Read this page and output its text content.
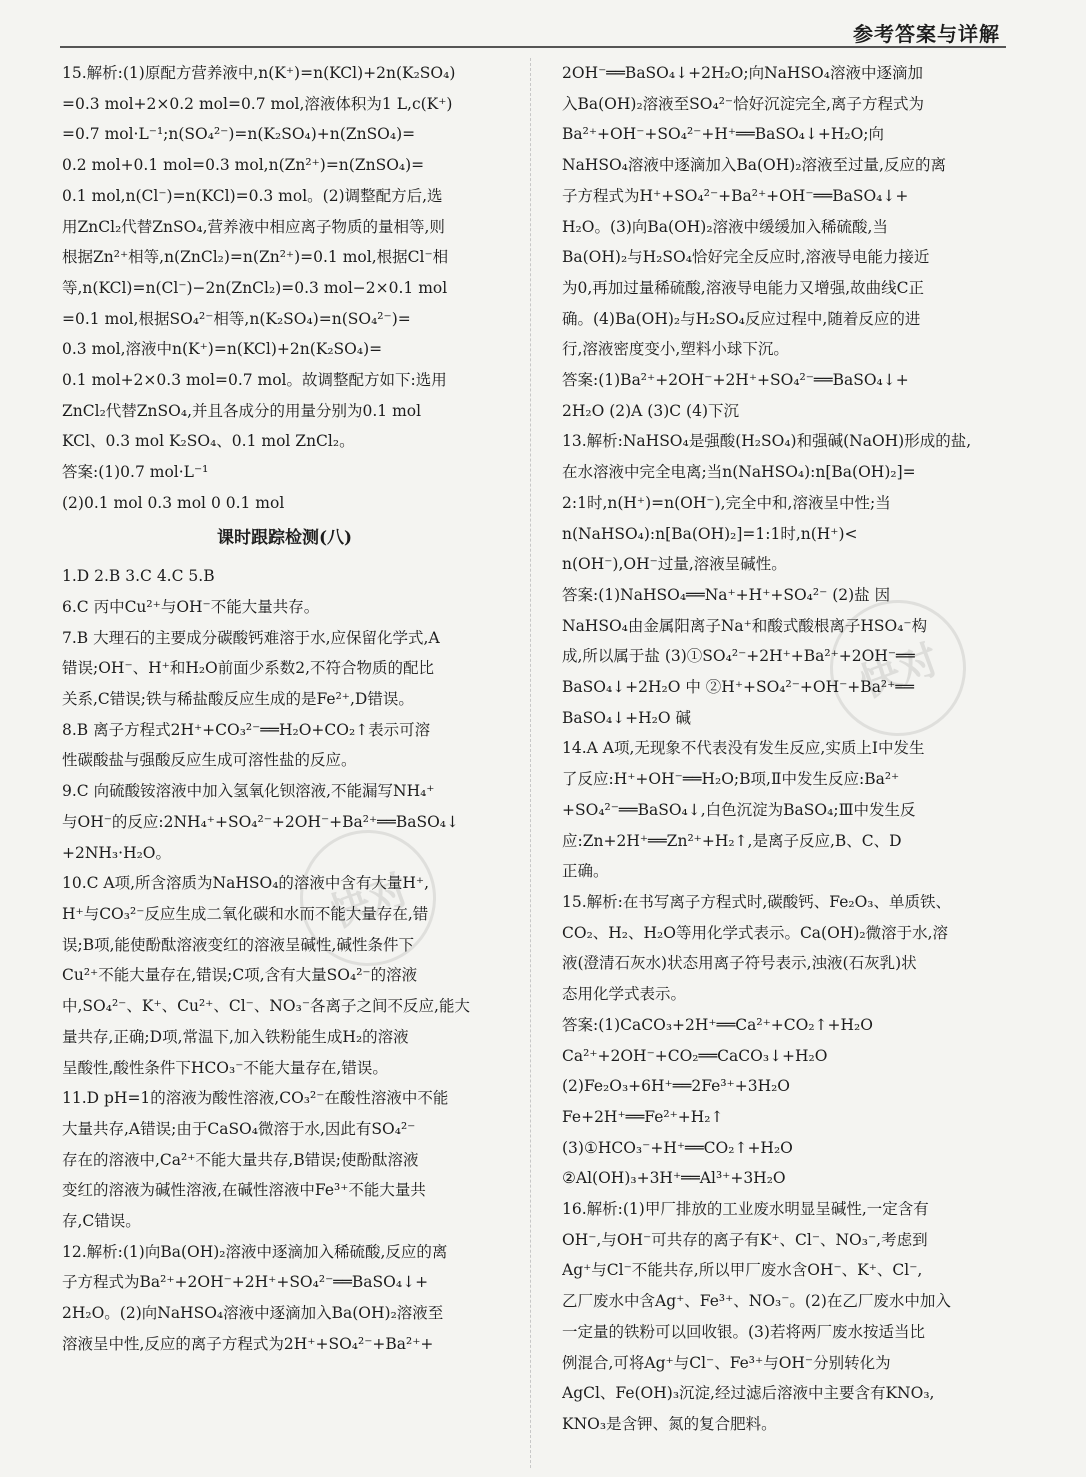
参考答案与详解
快对
快对

15.解析:(1)原配方营养液中,n(K⁺)=n(KCl)+2n(K₂SO₄)

=0.3 mol+2×0.2 mol=0.7 mol,溶液体积为1 L,c(K⁺)

=0.7 mol·L⁻¹;n(SO₄²⁻)=n(K₂SO₄)+n(ZnSO₄)=

0.2 mol+0.1 mol=0.3 mol,n(Zn²⁺)=n(ZnSO₄)=

0.1 mol,n(Cl⁻)=n(KCl)=0.3 mol。(2)调整配方后,选

用ZnCl₂代替ZnSO₄,营养液中相应离子物质的量相等,则

根据Zn²⁺相等,n(ZnCl₂)=n(Zn²⁺)=0.1 mol,根据Cl⁻相

等,n(KCl)=n(Cl⁻)−2n(ZnCl₂)=0.3 mol−2×0.1 mol

=0.1 mol,根据SO₄²⁻相等,n(K₂SO₄)=n(SO₄²⁻)=

0.3 mol,溶液中n(K⁺)=n(KCl)+2n(K₂SO₄)=

0.1 mol+2×0.3 mol=0.7 mol。故调整配方如下:选用

ZnCl₂代替ZnSO₄,并且各成分的用量分别为0.1 mol

KCl、0.3 mol K₂SO₄、0.1 mol ZnCl₂。

答案:(1)0.7 mol·L⁻¹

(2)0.1 mol 0.3 mol 0 0.1 mol

课时跟踪检测(八)

1.D 2.B 3.C 4.C 5.B

6.C 丙中Cu²⁺与OH⁻不能大量共存。

7.B 大理石的主要成分碳酸钙难溶于水,应保留化学式,A

错误;OH⁻、H⁺和H₂O前面少系数2,不符合物质的配比

关系,C错误;铁与稀盐酸反应生成的是Fe²⁺,D错误。

8.B 离子方程式2H⁺+CO₃²⁻══H₂O+CO₂↑表示可溶

性碳酸盐与强酸反应生成可溶性盐的反应。

9.C 向硫酸铵溶液中加入氢氧化钡溶液,不能漏写NH₄⁺

与OH⁻的反应:2NH₄⁺+SO₄²⁻+2OH⁻+Ba²⁺══BaSO₄↓

+2NH₃·H₂O。

10.C A项,所含溶质为NaHSO₄的溶液中含有大量H⁺,

H⁺与CO₃²⁻反应生成二氧化碳和水而不能大量存在,错

误;B项,能使酚酞溶液变红的溶液呈碱性,碱性条件下

Cu²⁺不能大量存在,错误;C项,含有大量SO₄²⁻的溶液

中,SO₄²⁻、K⁺、Cu²⁺、Cl⁻、NO₃⁻各离子之间不反应,能大

量共存,正确;D项,常温下,加入铁粉能生成H₂的溶液

呈酸性,酸性条件下HCO₃⁻不能大量存在,错误。

11.D pH=1的溶液为酸性溶液,CO₃²⁻在酸性溶液中不能

大量共存,A错误;由于CaSO₄微溶于水,因此有SO₄²⁻

存在的溶液中,Ca²⁺不能大量共存,B错误;使酚酞溶液

变红的溶液为碱性溶液,在碱性溶液中Fe³⁺不能大量共

存,C错误。

12.解析:(1)向Ba(OH)₂溶液中逐滴加入稀硫酸,反应的离

子方程式为Ba²⁺+2OH⁻+2H⁺+SO₄²⁻══BaSO₄↓+

2H₂O。(2)向NaHSO₄溶液中逐滴加入Ba(OH)₂溶液至

溶液呈中性,反应的离子方程式为2H⁺+SO₄²⁻+Ba²⁺+

2OH⁻══BaSO₄↓+2H₂O;向NaHSO₄溶液中逐滴加

入Ba(OH)₂溶液至SO₄²⁻恰好沉淀完全,离子方程式为

Ba²⁺+OH⁻+SO₄²⁻+H⁺══BaSO₄↓+H₂O;向

NaHSO₄溶液中逐滴加入Ba(OH)₂溶液至过量,反应的离

子方程式为H⁺+SO₄²⁻+Ba²⁺+OH⁻══BaSO₄↓+

H₂O。(3)向Ba(OH)₂溶液中缓缓加入稀硫酸,当

Ba(OH)₂与H₂SO₄恰好完全反应时,溶液导电能力接近

为0,再加过量稀硫酸,溶液导电能力又增强,故曲线C正

确。(4)Ba(OH)₂与H₂SO₄反应过程中,随着反应的进

行,溶液密度变小,塑料小球下沉。

答案:(1)Ba²⁺+2OH⁻+2H⁺+SO₄²⁻══BaSO₄↓+

2H₂O (2)A (3)C (4)下沉

13.解析:NaHSO₄是强酸(H₂SO₄)和强碱(NaOH)形成的盐,

在水溶液中完全电离;当n(NaHSO₄):n[Ba(OH)₂]=

2:1时,n(H⁺)=n(OH⁻),完全中和,溶液呈中性;当

n(NaHSO₄):n[Ba(OH)₂]=1:1时,n(H⁺)<

n(OH⁻),OH⁻过量,溶液呈碱性。

答案:(1)NaHSO₄══Na⁺+H⁺+SO₄²⁻ (2)盐 因

NaHSO₄由金属阳离子Na⁺和酸式酸根离子HSO₄⁻构

成,所以属于盐 (3)①SO₄²⁻+2H⁺+Ba²⁺+2OH⁻══

BaSO₄↓+2H₂O 中 ②H⁺+SO₄²⁻+OH⁻+Ba²⁺══

BaSO₄↓+H₂O 碱

14.A A项,无现象不代表没有发生反应,实质上Ⅰ中发生

了反应:H⁺+OH⁻══H₂O;B项,Ⅱ中发生反应:Ba²⁺

+SO₄²⁻══BaSO₄↓,白色沉淀为BaSO₄;Ⅲ中发生反

应:Zn+2H⁺══Zn²⁺+H₂↑,是离子反应,B、C、D

正确。

15.解析:在书写离子方程式时,碳酸钙、Fe₂O₃、单质铁、

CO₂、H₂、H₂O等用化学式表示。Ca(OH)₂微溶于水,溶

液(澄清石灰水)状态用离子符号表示,浊液(石灰乳)状

态用化学式表示。

答案:(1)CaCO₃+2H⁺══Ca²⁺+CO₂↑+H₂O

Ca²⁺+2OH⁻+CO₂══CaCO₃↓+H₂O

(2)Fe₂O₃+6H⁺══2Fe³⁺+3H₂O

Fe+2H⁺══Fe²⁺+H₂↑

(3)①HCO₃⁻+H⁺══CO₂↑+H₂O

②Al(OH)₃+3H⁺══Al³⁺+3H₂O

16.解析:(1)甲厂排放的工业废水明显呈碱性,一定含有

OH⁻,与OH⁻可共存的离子有K⁺、Cl⁻、NO₃⁻,考虑到

Ag⁺与Cl⁻不能共存,所以甲厂废水含OH⁻、K⁺、Cl⁻,

乙厂废水中含Ag⁺、Fe³⁺、NO₃⁻。(2)在乙厂废水中加入

一定量的铁粉可以回收银。(3)若将两厂废水按适当比

例混合,可将Ag⁺与Cl⁻、Fe³⁺与OH⁻分别转化为

AgCl、Fe(OH)₃沉淀,经过滤后溶液中主要含有KNO₃,

KNO₃是含钾、氮的复合肥料。
